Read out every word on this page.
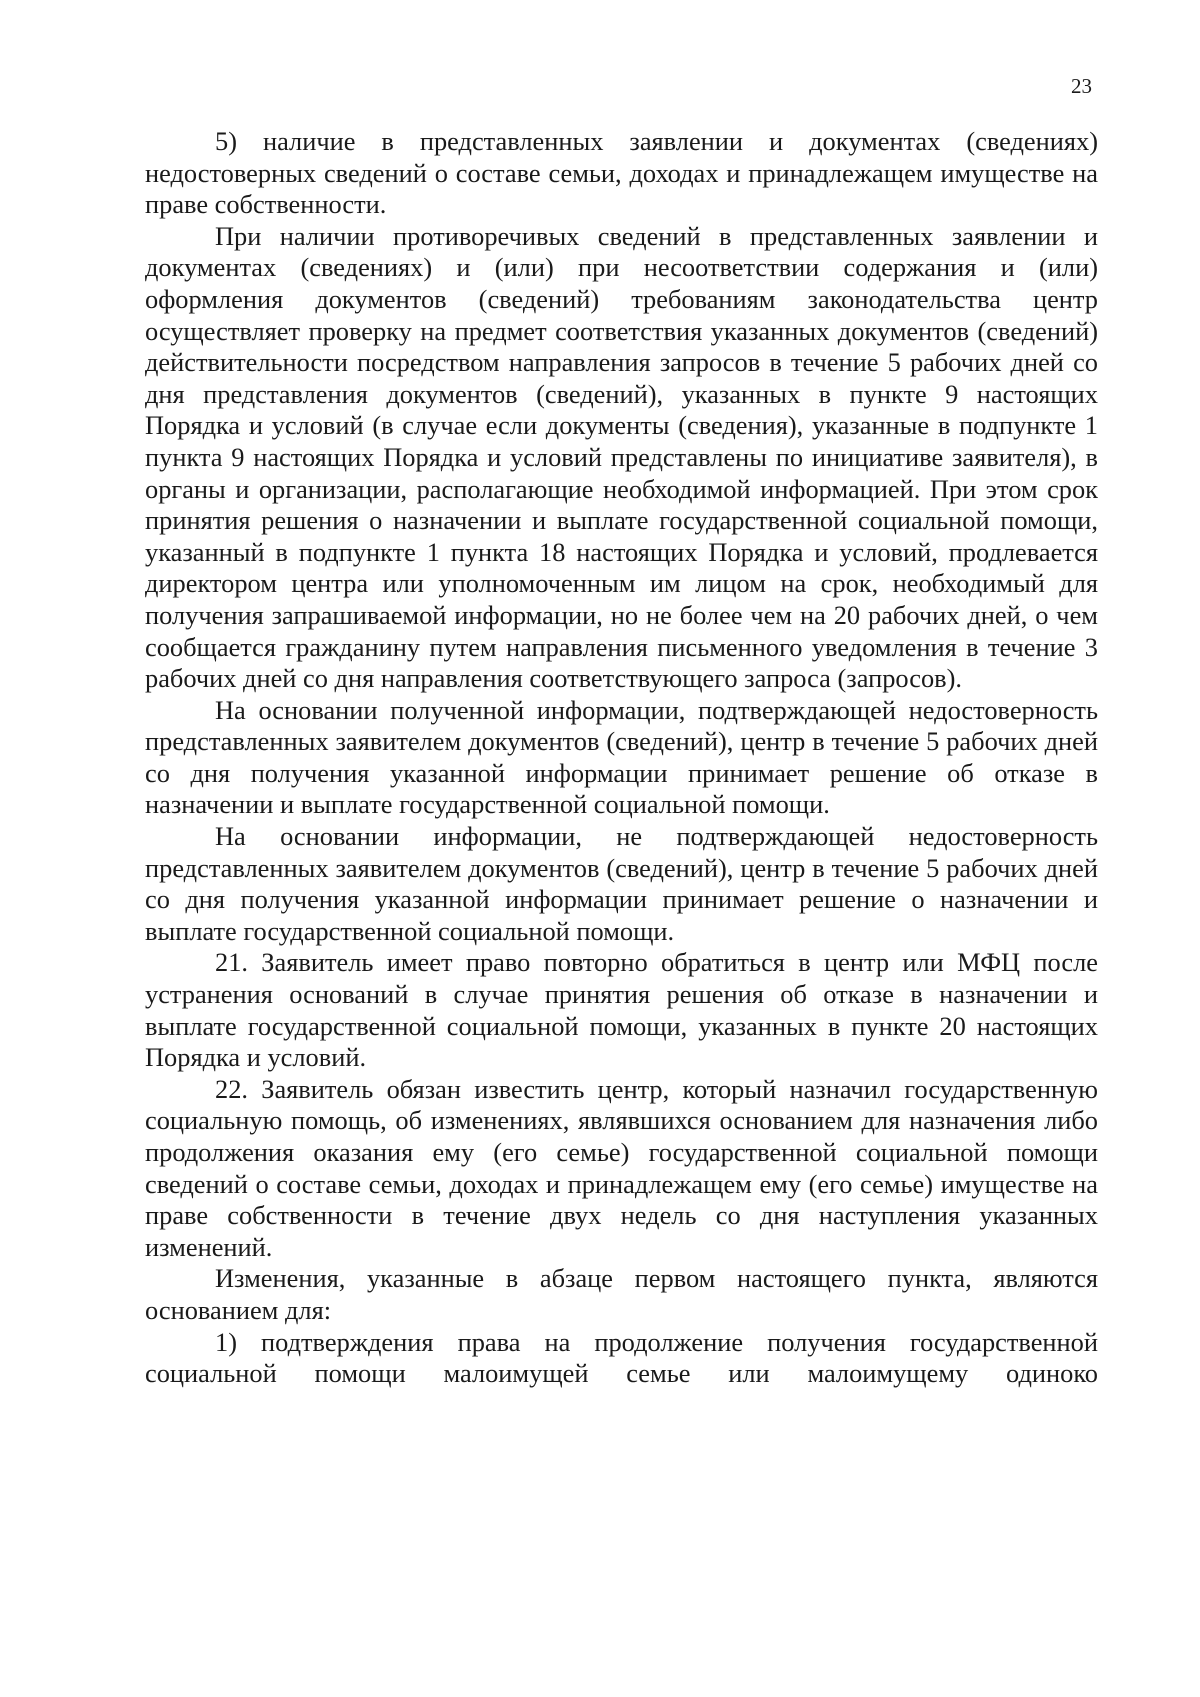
23

5) наличие в представленных заявлении и документах (сведениях) недостоверных сведений о составе семьи, доходах и принадлежащем имуществе на праве собственности.

При наличии противоречивых сведений в представленных заявлении и документах (сведениях) и (или) при несоответствии содержания и (или) оформления документов (сведений) требованиям законодательства центр осуществляет проверку на предмет соответствия указанных документов (сведений) действительности посредством направления запросов в течение 5 рабочих дней со дня представления документов (сведений), указанных в пункте 9 настоящих Порядка и условий (в случае если документы (сведения), указанные в подпункте 1 пункта 9 настоящих Порядка и условий представлены по инициативе заявителя), в органы и организации, располагающие необходимой информацией. При этом срок принятия решения о назначении и выплате государственной социальной помощи, указанный в подпункте 1 пункта 18 настоящих Порядка и условий, продлевается директором центра или уполномоченным им лицом на срок, необходимый для получения запрашиваемой информации, но не более чем на 20 рабочих дней, о чем сообщается гражданину путем направления письменного уведомления в течение 3 рабочих дней со дня направления соответствующего запроса (запросов).

На основании полученной информации, подтверждающей недостоверность представленных заявителем документов (сведений), центр в течение 5 рабочих дней со дня получения указанной информации принимает решение об отказе в назначении и выплате государственной социальной помощи.

На основании информации, не подтверждающей недостоверность представленных заявителем документов (сведений), центр в течение 5 рабочих дней со дня получения указанной информации принимает решение о назначении и выплате государственной социальной помощи.

21. Заявитель имеет право повторно обратиться в центр или МФЦ после устранения оснований в случае принятия решения об отказе в назначении и выплате государственной социальной помощи, указанных в пункте 20 настоящих Порядка и условий.

22. Заявитель обязан известить центр, который назначил государственную социальную помощь, об изменениях, являвшихся основанием для назначения либо продолжения оказания ему (его семье) государственной социальной помощи сведений о составе семьи, доходах и принадлежащем ему (его семье) имуществе на праве собственности в течение двух недель со дня наступления указанных изменений.

Изменения, указанные в абзаце первом настоящего пункта, являются основанием для:

1) подтверждения права на продолжение получения государственной социальной помощи малоимущей семье или малоимущему одиноко
